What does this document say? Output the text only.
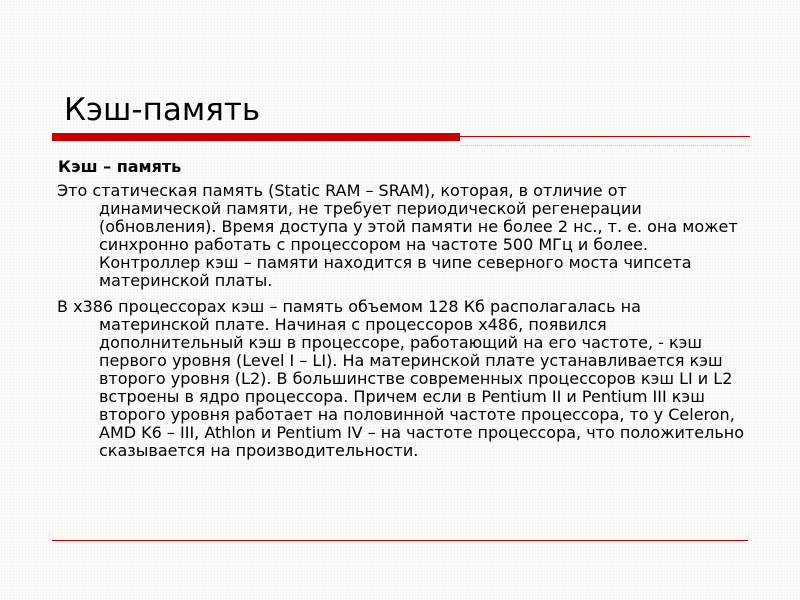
Кэш-память
Кэш – память
Это статическая память (Static RAM – SRAM), которая, в отличие от динамической памяти, не требует периодической регенерации (обновления). Время доступа у этой памяти не более 2 нс., т. е. она может синхронно работать с процессором на частоте 500 МГц и более. Контроллер кэш – памяти находится в чипе северного моста чипсета материнской платы.
В x386 процессорах кэш – память объемом 128 Кб располагалась на материнской плате. Начиная с процессоров x486, появился дополнительный кэш в процессоре, работающий на его частоте, - кэш первого уровня (Level I – LI). На материнской плате устанавливается кэш второго уровня (L2). В большинстве современных процессоров кэш LI и L2 встроены в ядро процессора. Причем если в Pentium II и Pentium III кэш второго уровня работает на половинной частоте процессора, то у Celeron, AMD K6 – III, Athlon и Pentium IV – на частоте процессора, что положительно сказывается на производительности.
